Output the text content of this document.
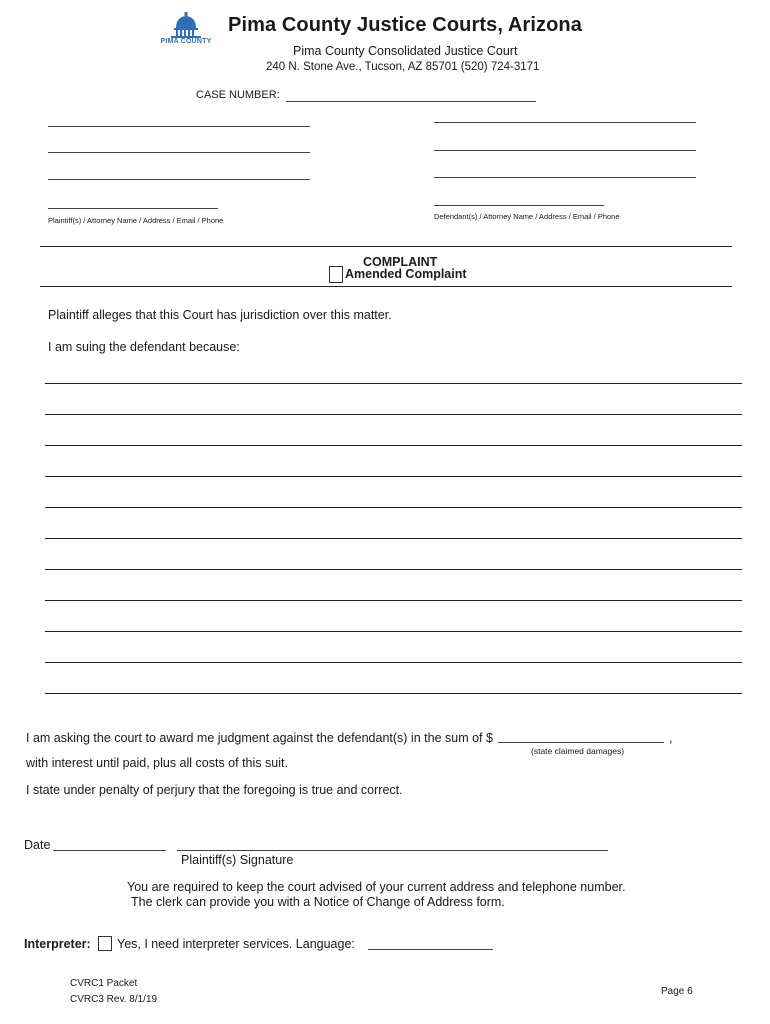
PIMA COUNTY
Pima County Justice Courts, Arizona
Pima County Consolidated Justice Court
240 N. Stone Ave., Tucson, AZ 85701 (520) 724-3171
CASE NUMBER:
Plaintiff(s) / Attorney Name / Address / Email / Phone	Defendant(s) / Attorney Name / Address / Email / Phone
COMPLAINT
Amended Complaint
Plaintiff alleges that this Court has jurisdiction over this matter.
I am suing the defendant because:
I am asking the court to award me judgment against the defendant(s) in the sum of $	,
(state claimed damages)
with interest until paid, plus all costs of this suit.
I state under penalty of perjury that the foregoing is true and correct.
Date
Plaintiff(s) Signature
You are required to keep the court advised of your current address and telephone number.
The clerk can provide you with a Notice of Change of Address form.
Interpreter: Yes, I need interpreter services. Language:
CVRC1 Packet
CVRC3 Rev. 8/1/19
Page 6
